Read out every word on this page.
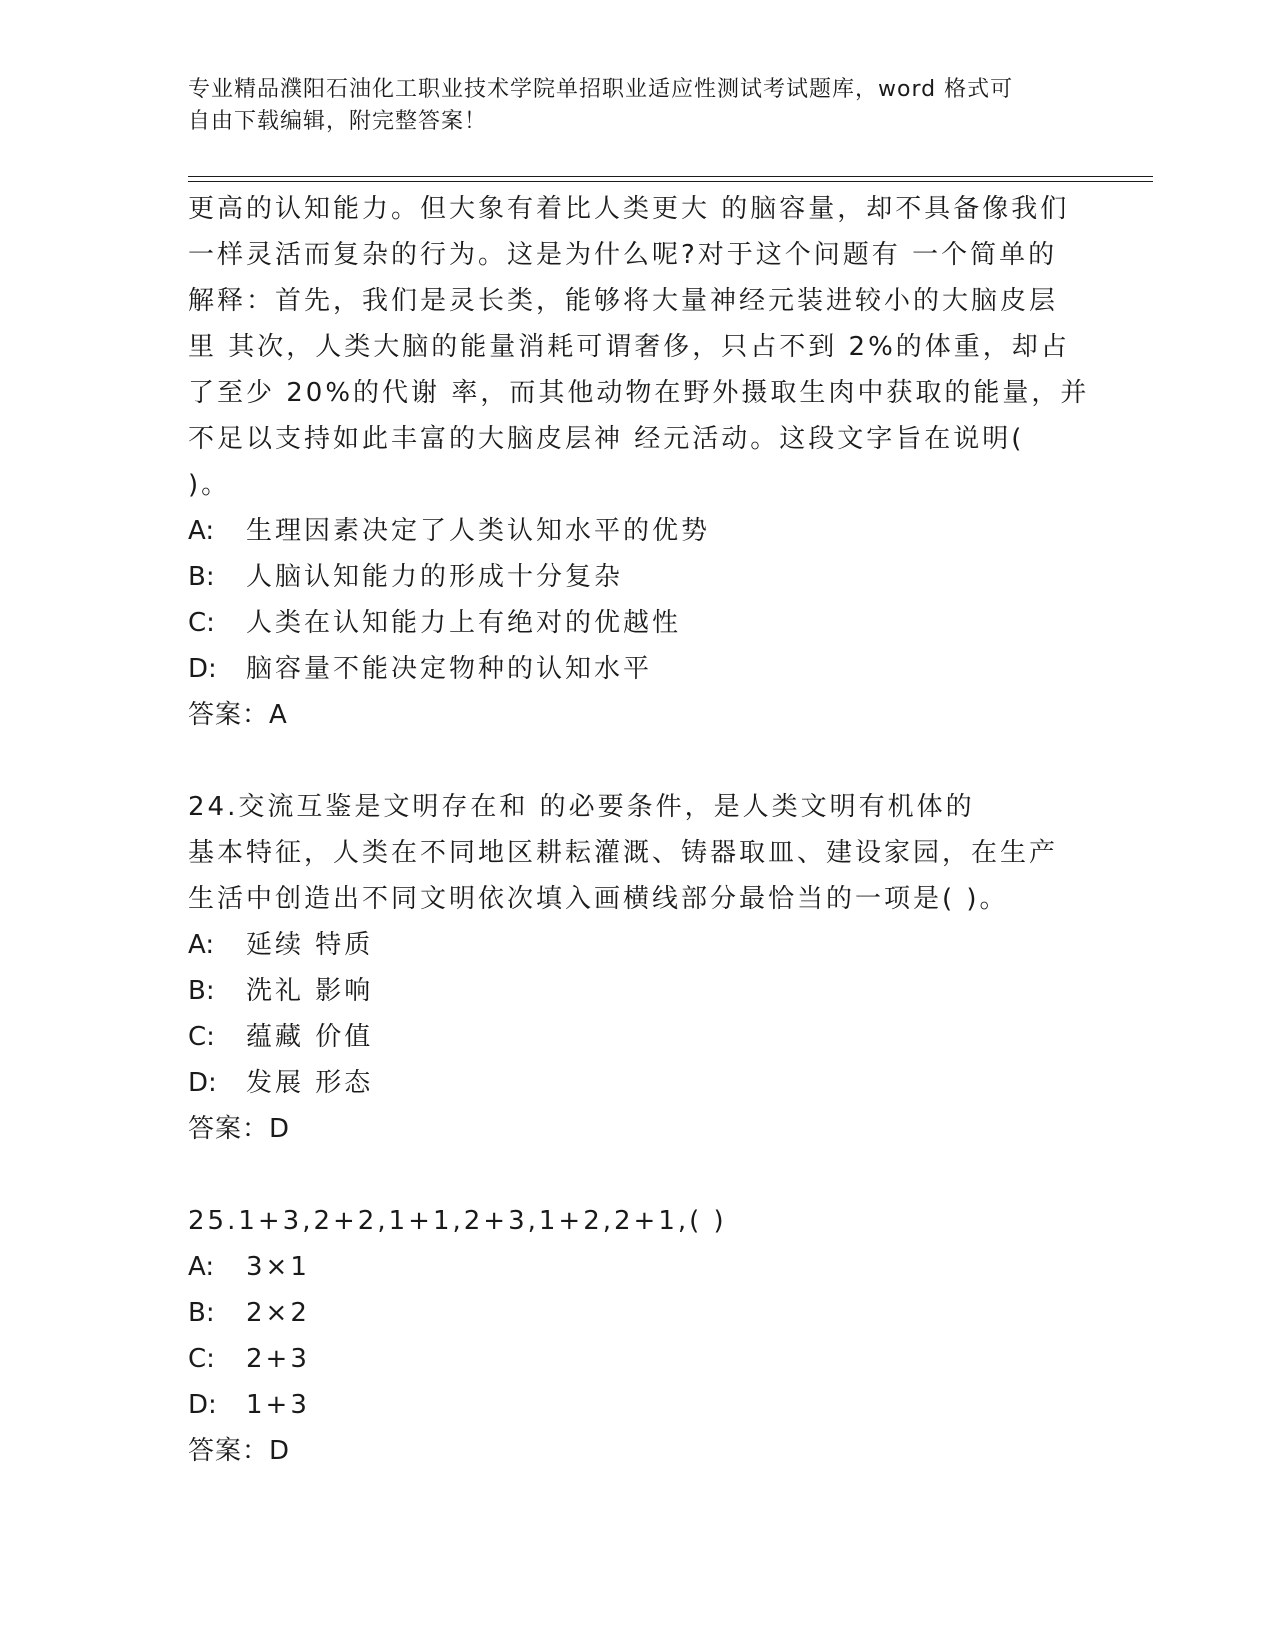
专业精品濮阳石油化工职业技术学院单招职业适应性测试考试题库，word 格式可
自由下载编辑，附完整答案！
更高的认知能力。但大象有着比人类更大 的脑容量，却不具备像我们
一样灵活而复杂的行为。这是为什么呢?对于这个问题有 一个简单的
解释：首先，我们是灵长类，能够将大量神经元装进较小的大脑皮层
里 其次，人类大脑的能量消耗可谓奢侈，只占不到 2%的体重，却占
了至少 20%的代谢 率，而其他动物在野外摄取生肉中获取的能量，并
不足以支持如此丰富的大脑皮层神 经元活动。这段文字旨在说明(
)。
A: 生理因素决定了人类认知水平的优势
B: 人脑认知能力的形成十分复杂
C: 人类在认知能力上有绝对的优越性
D: 脑容量不能决定物种的认知水平
答案：A
24.交流互鉴是文明存在和 的必要条件，是人类文明有机体的
基本特征，人类在不同地区耕耘灌溉、铸器取皿、建设家园，在生产
生活中创造出不同文明依次填入画横线部分最恰当的一项是( )。
A: 延续 特质
B: 洗礼 影响
C: 蕴藏 价值
D: 发展 形态
答案：D
25.1+3,2+2,1+1,2+3,1+2,2+1,( )
A: 3×1
B: 2×2
C: 2+3
D: 1+3
答案：D
